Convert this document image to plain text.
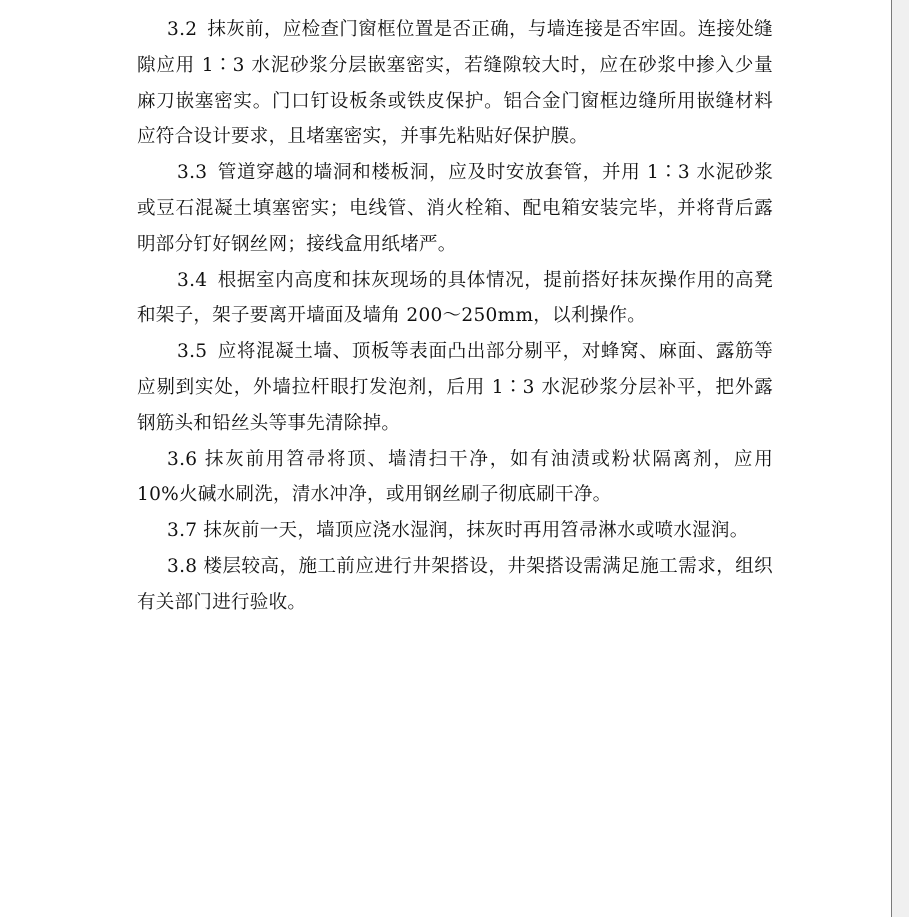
3.2 抹灰前，应检查门窗框位置是否正确，与墙连接是否牢固。连接处缝隙应用 1∶3 水泥砂浆分层嵌塞密实，若缝隙较大时，应在砂浆中掺入少量麻刀嵌塞密实。门口钉设板条或铁皮保护。铝合金门窗框边缝所用嵌缝材料应符合设计要求，且堵塞密实，并事先粘贴好保护膜。

3.3 管道穿越的墙洞和楼板洞，应及时安放套管，并用 1∶3 水泥砂浆或豆石混凝土填塞密实；电线管、消火栓箱、配电箱安装完毕，并将背后露明部分钉好钢丝网；接线盒用纸堵严。

3.4 根据室内高度和抹灰现场的具体情况，提前搭好抹灰操作用的高凳和架子，架子要离开墙面及墙角 200～250mm，以利操作。

3.5 应将混凝土墙、顶板等表面凸出部分剔平，对蜂窝、麻面、露筋等应剔到实处，外墙拉杆眼打发泡剂，后用 1∶3 水泥砂浆分层补平，把外露钢筋头和铅丝头等事先清除掉。

3.6 抹灰前用笤帚将顶、墙清扫干净，如有油渍或粉状隔离剂，应用 10%火碱水刷洗，清水冲净，或用钢丝刷子彻底刷干净。

3.7 抹灰前一天，墙顶应浇水湿润，抹灰时再用笤帚淋水或喷水湿润。

3.8 楼层较高，施工前应进行井架搭设，井架搭设需满足施工需求，组织有关部门进行验收。
